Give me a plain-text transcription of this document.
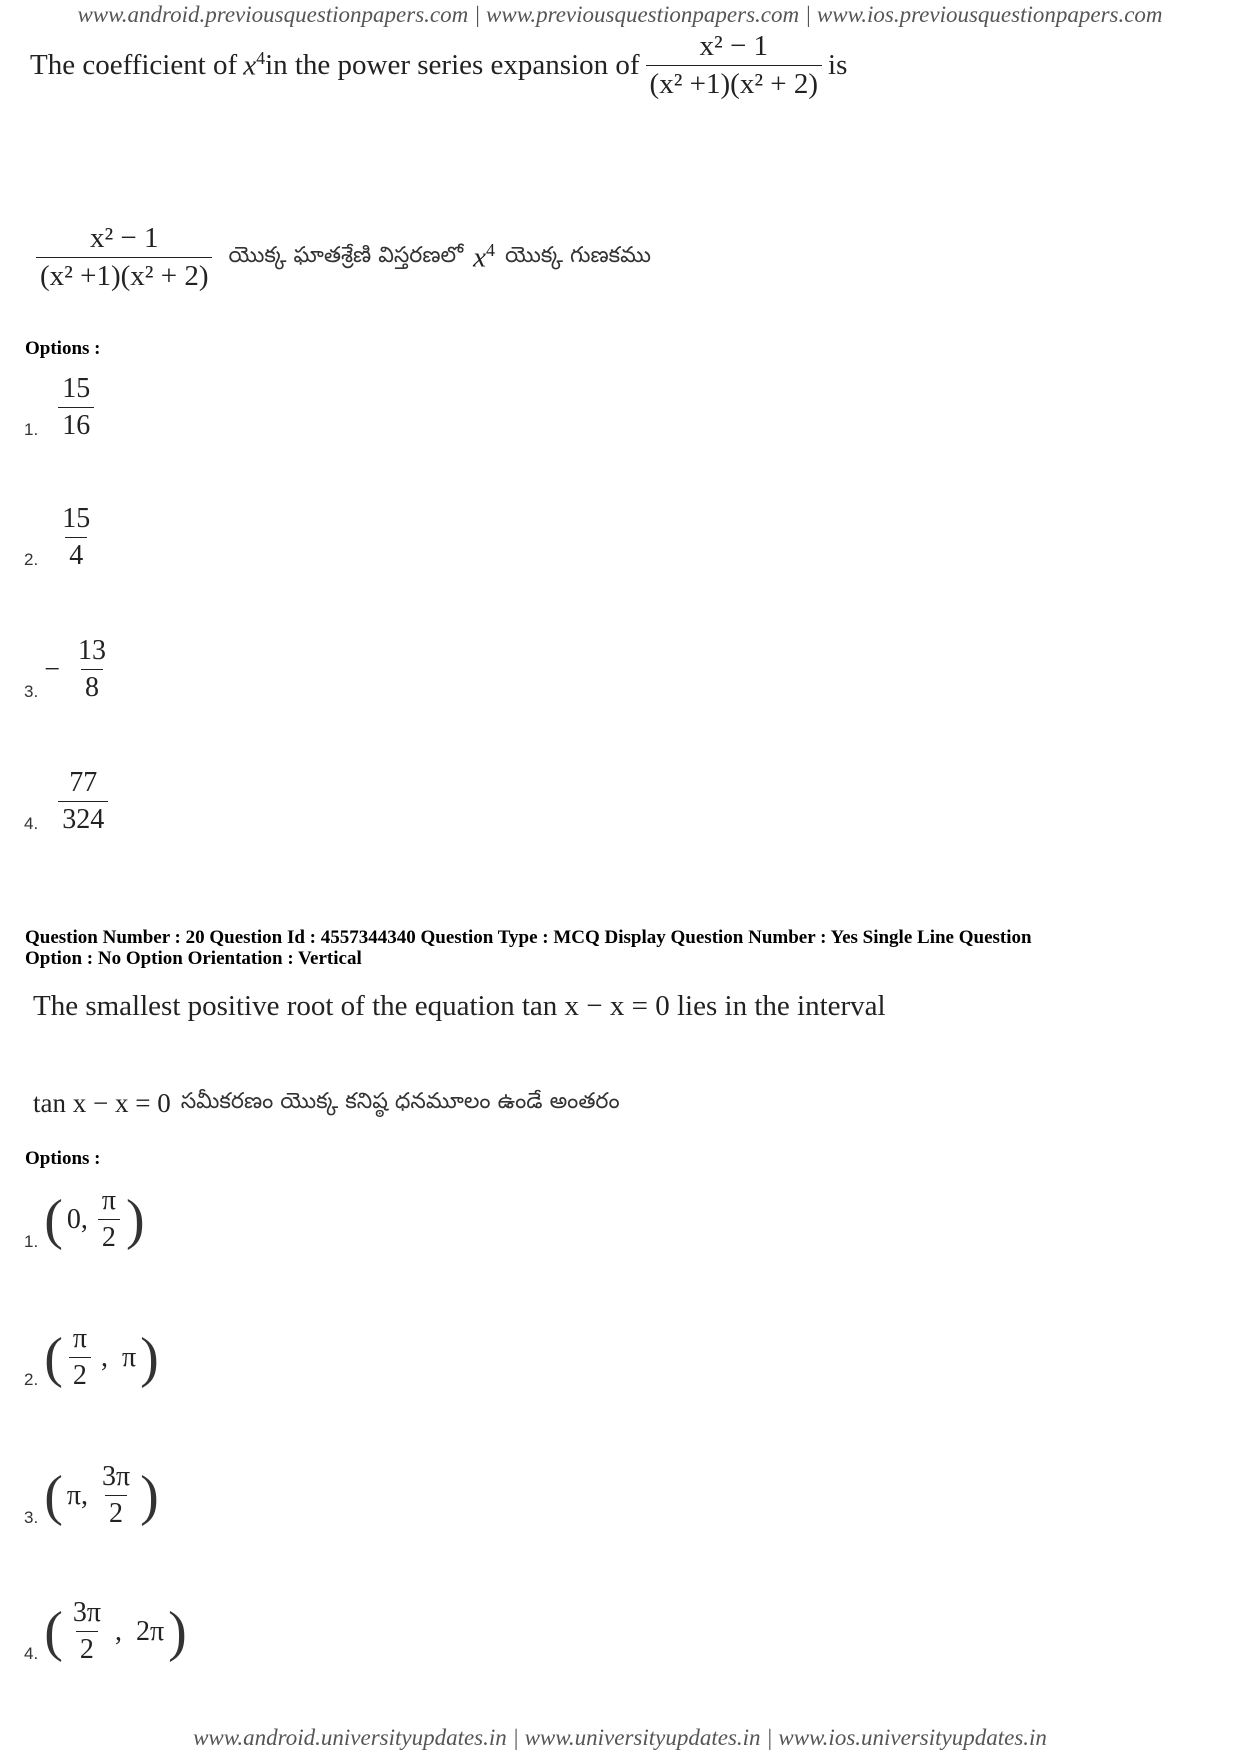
www.android.previousquestionpapers.com | www.previousquestionpapers.com | www.ios.previousquestionpapers.com
The coefficient of $x^4$ in the power series expansion of $\frac{\text{x² − 1}}{\text{(x² +1)(x² + 2)}}$ is
$\frac{\text{x² − 1}}{\text{(x² +1)(x² + 2)}}$ యొక్క ఘాతశ్రేణి విస్తరణలో $x^4$ యొక్క గుణకము
Options :
1. $\frac{15}{16}$
2. $\frac{15}{4}$
3.
− $\frac{13}{8}$
4. $\frac{77}{324}$
Question Number : 20 Question Id : 4557344340 Question Type : MCQ Display Question Number : Yes Single Line Question
Option : No Option Orientation : Vertical
The smallest positive root of the equation tan x − x = 0 lies in the interval
tan x − x = 0 సమీకరణం యొక్క కనిష్ఠ ధనమూలం ఉండే అంతరం
Options :
1. ( 0, $\frac{\pi}{2}$ )
2. ( $\frac{\pi}{2}$ ,  π )
3. ( π, $\frac{3\pi}{2}$ )
4. ( $\frac{3\pi}{2}$ ,  2π )
www.android.universityupdates.in | www.universityupdates.in | www.ios.universityupdates.in
